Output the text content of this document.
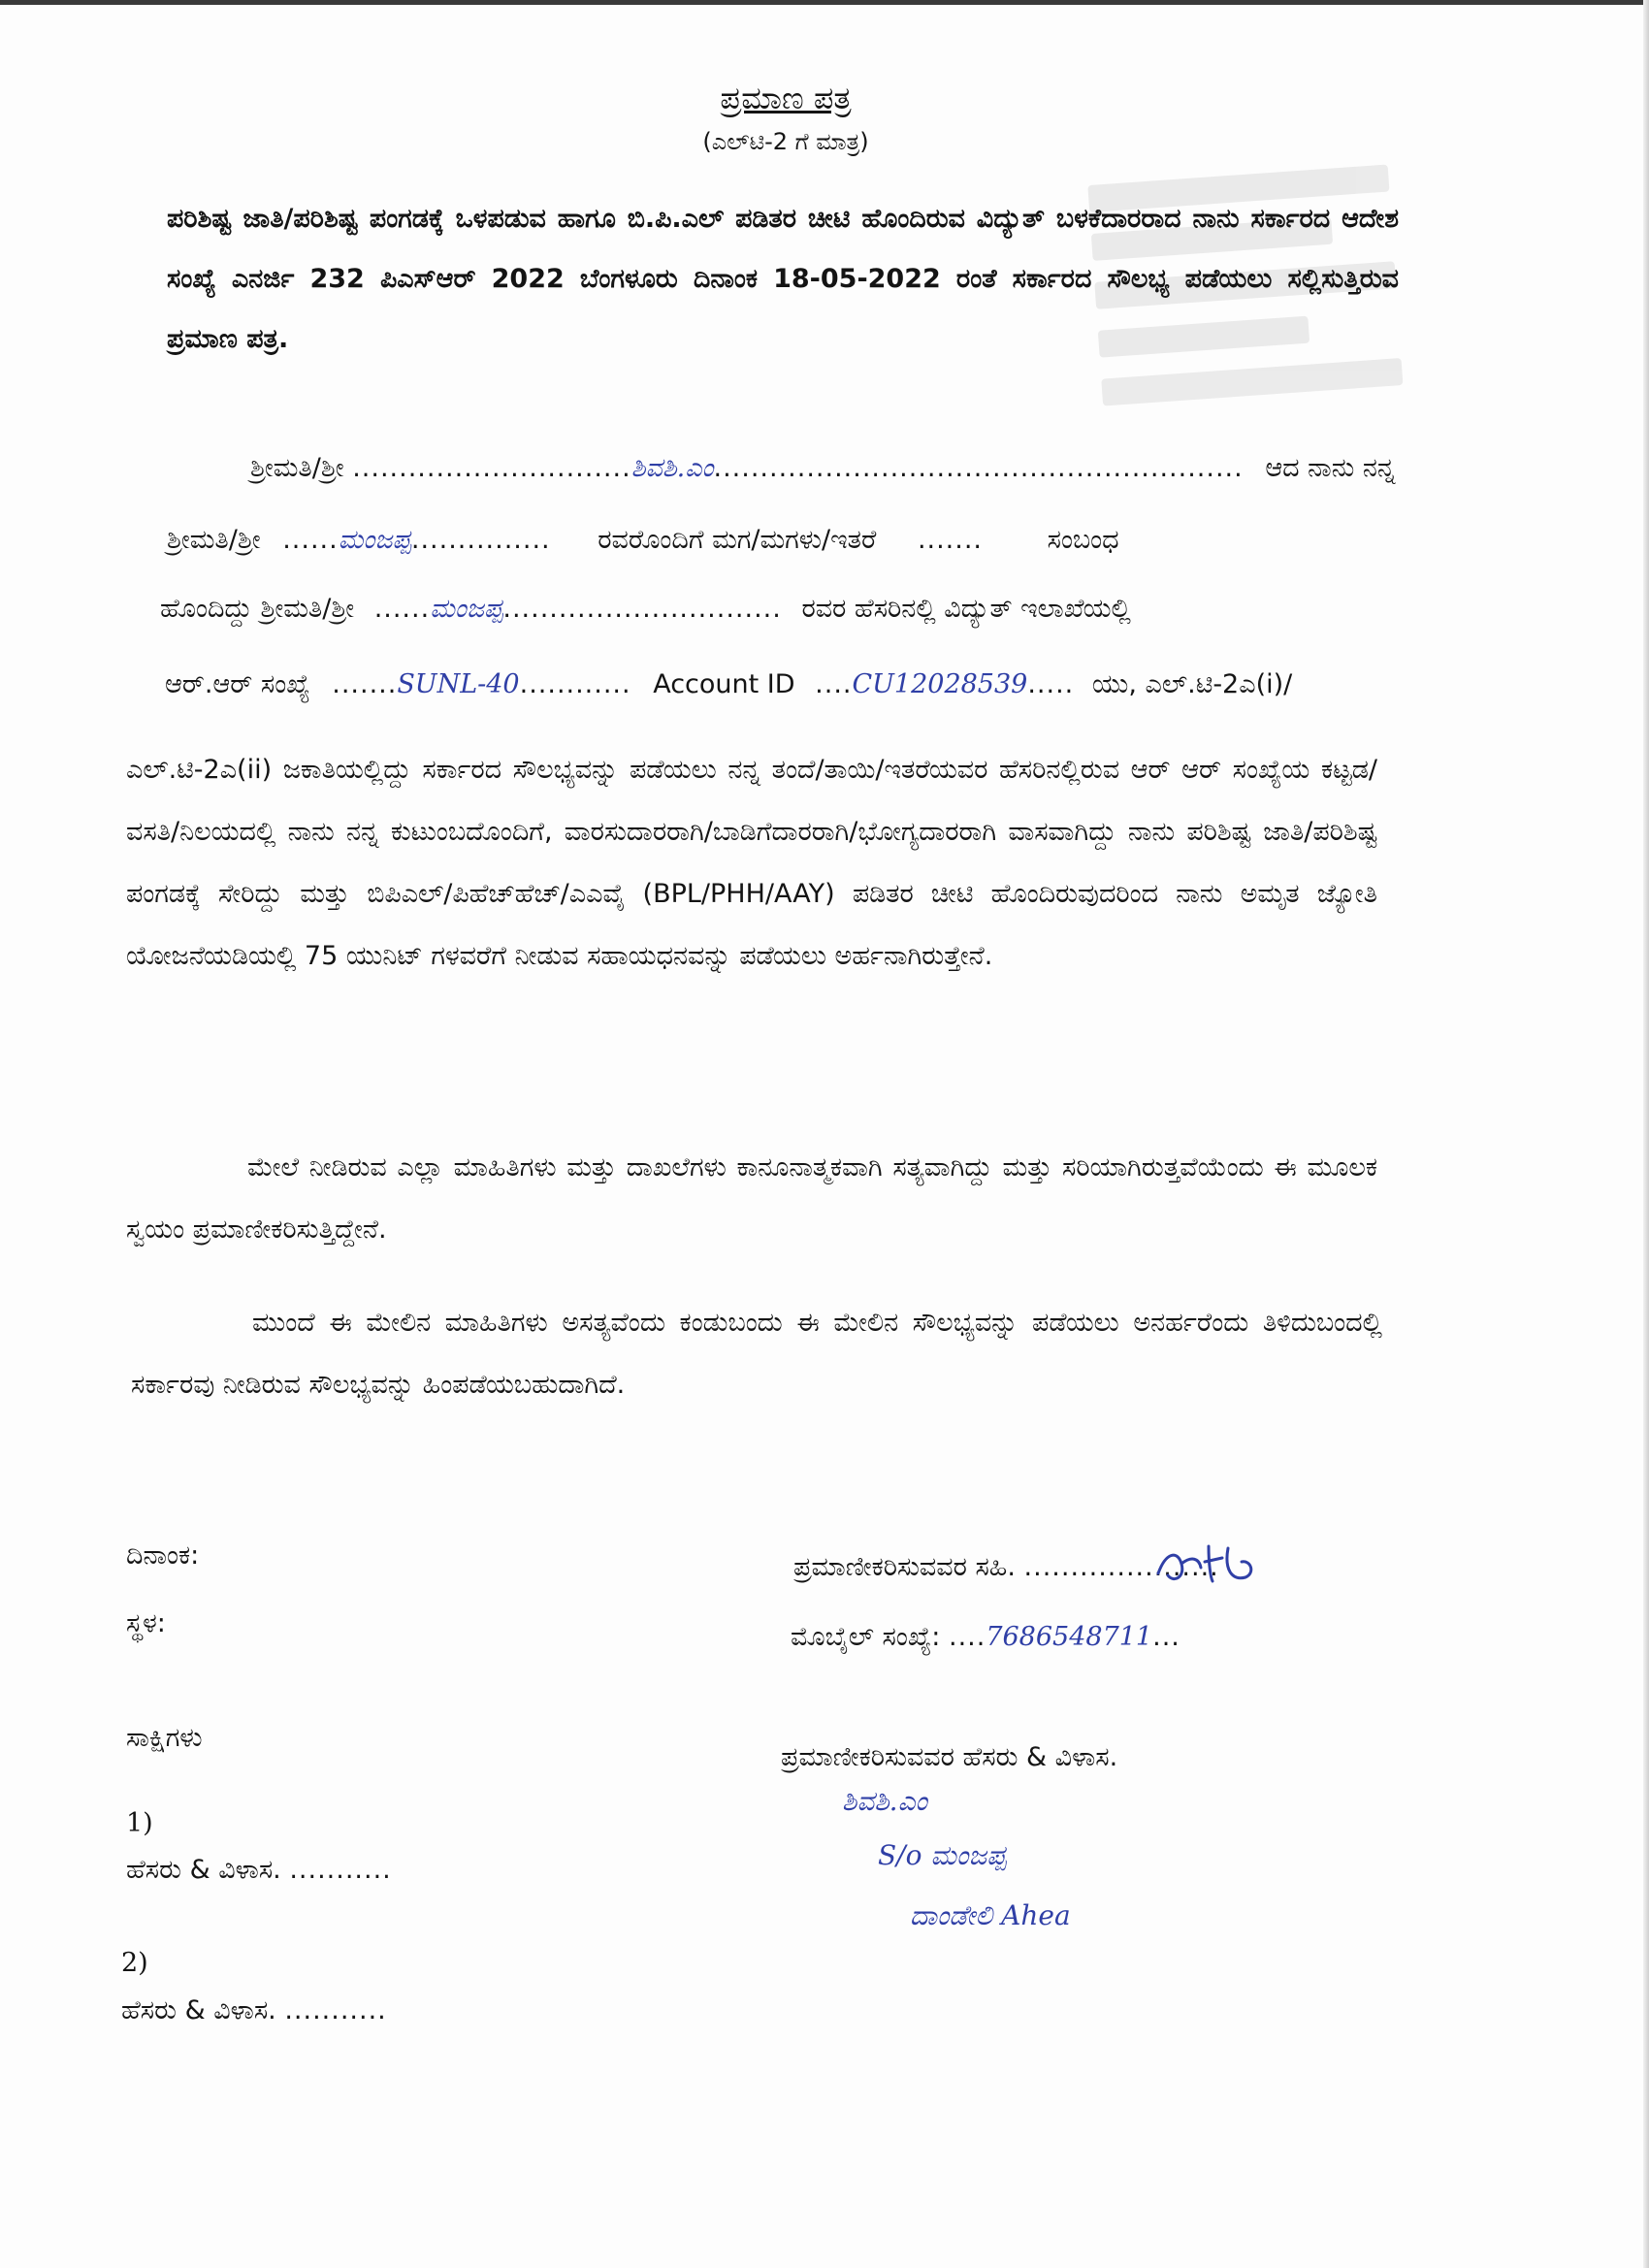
ಪ್ರಮಾಣ ಪತ್ರ
(ಎಲ್‌ಟಿ-2 ಗೆ ಮಾತ್ರ)
ಪರಿಶಿಷ್ಟ ಜಾತಿ/ಪರಿಶಿಷ್ಟ ಪಂಗಡಕ್ಕೆ ಒಳಪಡುವ ಹಾಗೂ ಬಿ.ಪಿ.ಎಲ್ ಪಡಿತರ ಚೀಟಿ ಹೊಂದಿರುವ ವಿದ್ಯುತ್ ಬಳಕೆದಾರರಾದ ನಾನು ಸರ್ಕಾರದ ಆದೇಶ ಸಂಖ್ಯೆ ಎನರ್ಜಿ 232 ಪಿಎಸ್‌ಆರ್ 2022 ಬೆಂಗಳೂರು ದಿನಾಂಕ 18-05-2022 ರಂತೆ ಸರ್ಕಾರದ ಸೌಲಭ್ಯ ಪಡೆಯಲು ಸಲ್ಲಿಸುತ್ತಿರುವ ಪ್ರಮಾಣ ಪತ್ರ.
ಶ್ರೀಮತಿ/ಶ್ರೀ ..............................ಶಿವಶಿ.ಎಂ......................................................... ಆದ ನಾನು ನನ್ನ
ಶ್ರೀಮತಿ/ಶ್ರೀ ......ಮಂಜಪ್ಪ............... ರವರೊಂದಿಗೆ ಮಗ/ಮಗಳು/ಇತರೆ ....... ಸಂಬಂಧ
ಹೊಂದಿದ್ದು ಶ್ರೀಮತಿ/ಶ್ರೀ ......ಮಂಜಪ್ಪ.............................. ರವರ ಹೆಸರಿನಲ್ಲಿ ವಿದ್ಯುತ್ ಇಲಾಖೆಯಲ್ಲಿ
ಆರ್.ಆರ್ ಸಂಖ್ಯೆ .......SUNL-40............ Account ID ....CU12028539..... ಯು, ಎಲ್.ಟಿ-2ಎ(i)/
ಎಲ್.ಟಿ-2ಎ(ii) ಜಕಾತಿಯಲ್ಲಿದ್ದು ಸರ್ಕಾರದ ಸೌಲಭ್ಯವನ್ನು ಪಡೆಯಲು ನನ್ನ ತಂದೆ/ತಾಯಿ/ಇತರೆಯವರ ಹೆಸರಿನಲ್ಲಿರುವ ಆರ್ ಆರ್ ಸಂಖ್ಯೆಯ ಕಟ್ಟಡ/ವಸತಿ/ನಿಲಯದಲ್ಲಿ ನಾನು ನನ್ನ ಕುಟುಂಬದೊಂದಿಗೆ, ವಾರಸುದಾರರಾಗಿ/ಬಾಡಿಗೆದಾರರಾಗಿ/ಭೋಗ್ಯದಾರರಾಗಿ ವಾಸವಾಗಿದ್ದು ನಾನು ಪರಿಶಿಷ್ಟ ಜಾತಿ/ಪರಿಶಿಷ್ಟ ಪಂಗಡಕ್ಕೆ ಸೇರಿದ್ದು ಮತ್ತು ಬಿಪಿಎಲ್/ಪಿಹೆಚ್‌ಹೆಚ್/ಎಎವೈ (BPL/PHH/AAY) ಪಡಿತರ ಚೀಟಿ ಹೊಂದಿರುವುದರಿಂದ ನಾನು ಅಮೃತ ಜ್ಯೋತಿ ಯೋಜನೆಯಡಿಯಲ್ಲಿ 75 ಯುನಿಟ್ ಗಳವರೆಗೆ ನೀಡುವ ಸಹಾಯಧನವನ್ನು ಪಡೆಯಲು ಅರ್ಹನಾಗಿರುತ್ತೇನೆ.
ಮೇಲೆ ನೀಡಿರುವ ಎಲ್ಲಾ ಮಾಹಿತಿಗಳು ಮತ್ತು ದಾಖಲೆಗಳು ಕಾನೂನಾತ್ಮಕವಾಗಿ ಸತ್ಯವಾಗಿದ್ದು ಮತ್ತು ಸರಿಯಾಗಿರುತ್ತವೆಯೆಂದು ಈ ಮೂಲಕ ಸ್ವಯಂ ಪ್ರಮಾಣೀಕರಿಸುತ್ತಿದ್ದೇನೆ.
ಮುಂದೆ ಈ ಮೇಲಿನ ಮಾಹಿತಿಗಳು ಅಸತ್ಯವೆಂದು ಕಂಡುಬಂದು ಈ ಮೇಲಿನ ಸೌಲಭ್ಯವನ್ನು ಪಡೆಯಲು ಅನರ್ಹರೆಂದು ತಿಳಿದುಬಂದಲ್ಲಿ ಸರ್ಕಾರವು ನೀಡಿರುವ ಸೌಲಭ್ಯವನ್ನು ಹಿಂಪಡೆಯಬಹುದಾಗಿದೆ.
ದಿನಾಂಕ:
ಸ್ಥಳ:
ಸಾಕ್ಷಿಗಳು
1)
ಹೆಸರು & ವಿಳಾಸ. ...........
2)
ಹೆಸರು & ವಿಳಾಸ. ...........
ಪ್ರಮಾಣೀಕರಿಸುವವರ ಸಹಿ. .....................
ಮೊಬೈಲ್ ಸಂಖ್ಯೆ: ....7686548711...
ಪ್ರಮಾಣೀಕರಿಸುವವರ ಹೆಸರು & ವಿಳಾಸ.
ಶಿವಶಿ.ಎಂ
S/o ಮಂಜಪ್ಪ
ದಾಂಡೇಲಿ Ahea
